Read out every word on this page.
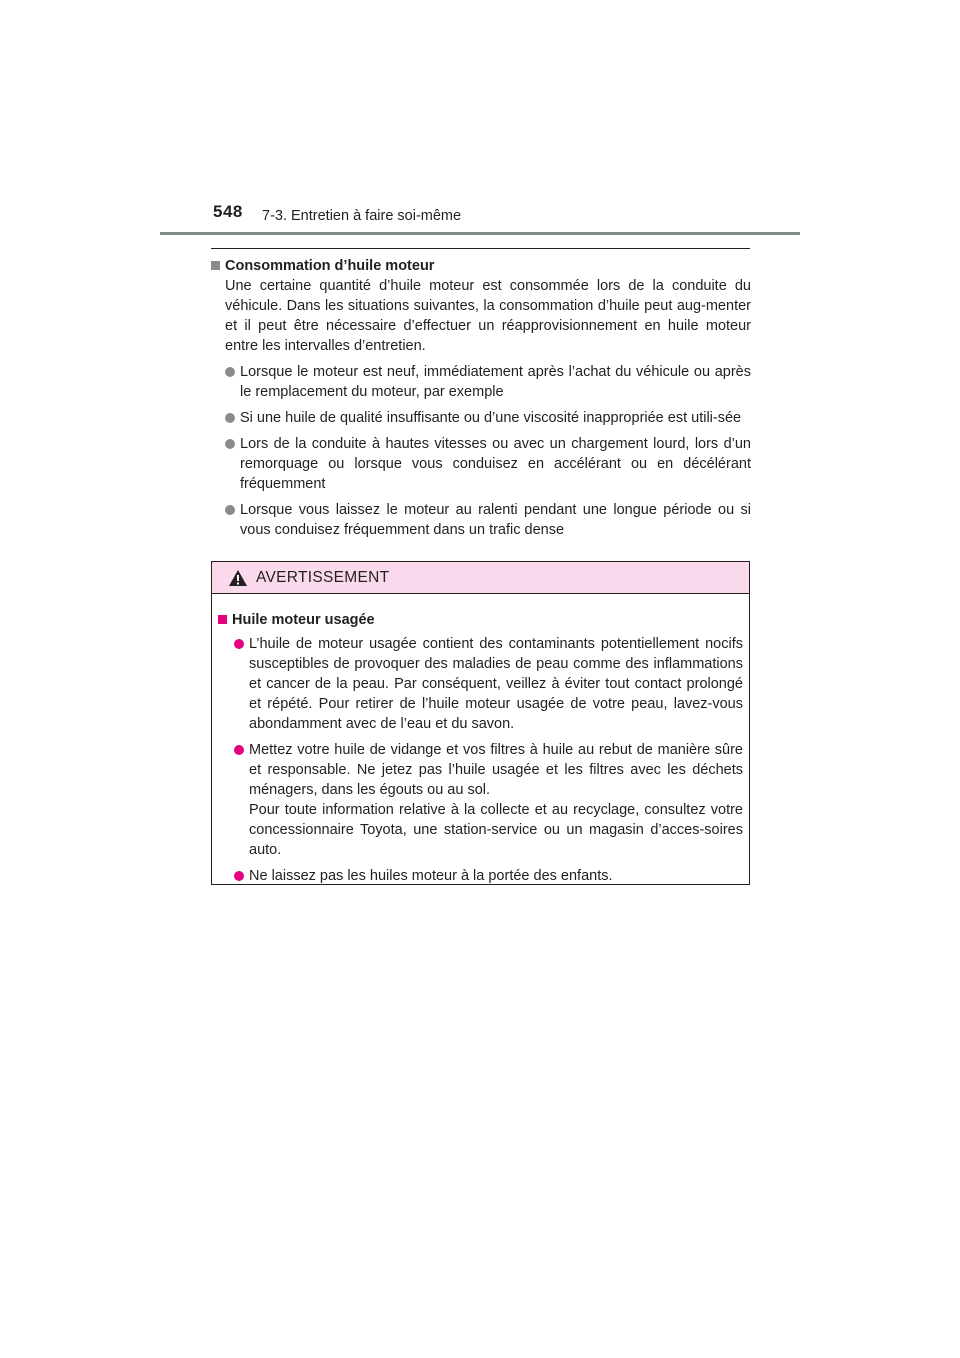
548 7-3. Entretien à faire soi-même
Consommation d’huile moteur
Une certaine quantité d’huile moteur est consommée lors de la conduite du véhicule. Dans les situations suivantes, la consommation d’huile peut aug-menter et il peut être nécessaire d’effectuer un réapprovisionnement en huile moteur entre les intervalles d’entretien.
Lorsque le moteur est neuf, immédiatement après l’achat du véhicule ou après le remplacement du moteur, par exemple
Si une huile de qualité insuffisante ou d’une viscosité inappropriée est utili-sée
Lors de la conduite à hautes vitesses ou avec un chargement lourd, lors d’un remorquage ou lorsque vous conduisez en accélérant ou en décélérant fréquemment
Lorsque vous laissez le moteur au ralenti pendant une longue période ou si vous conduisez fréquemment dans un trafic dense
AVERTISSEMENT
Huile moteur usagée
L’huile de moteur usagée contient des contaminants potentiellement nocifs susceptibles de provoquer des maladies de peau comme des inflammations et cancer de la peau. Par conséquent, veillez à éviter tout contact prolongé et répété. Pour retirer de l’huile moteur usagée de votre peau, lavez-vous abondamment avec de l’eau et du savon.
Mettez votre huile de vidange et vos filtres à huile au rebut de manière sûre et responsable. Ne jetez pas l’huile usagée et les filtres avec les déchets ménagers, dans les égouts ou au sol.
Pour toute information relative à la collecte et au recyclage, consultez votre concessionnaire Toyota, une station-service ou un magasin d’acces-soires auto.
Ne laissez pas les huiles moteur à la portée des enfants.
